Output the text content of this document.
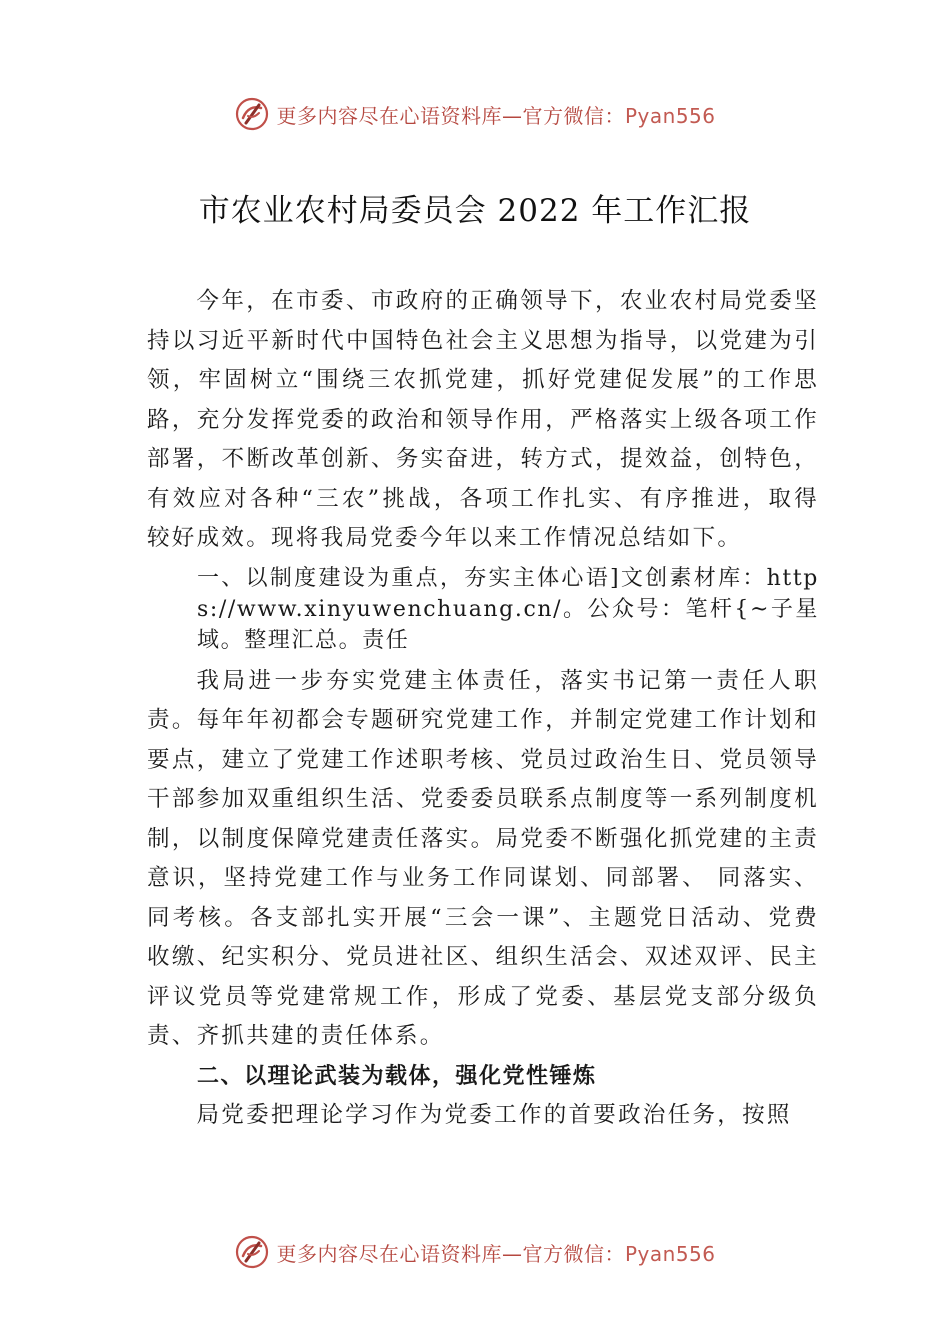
更多内容尽在心语资料库—官方微信：Pyan556
市农业农村局委员会 2022 年工作汇报

今年，在市委、市政府的正确领导下，农业农村局党委坚持以习近平新时代中国特色社会主义思想为指导，以党建为引领，牢固树立“围绕三农抓党建，抓好党建促发展”的工作思路，充分发挥党委的政治和领导作用，严格落实上级各项工作部署，不断改革创新、务实奋进，转方式，提效益，创特色，有效应对各种“三农”挑战，各项工作扎实、有序推进，取得较好成效。现将我局党委今年以来工作情况总结如下。

一、以制度建设为重点，夯实主体心语]文创素材库：https://www.xinyuwenchuang.cn/。公众号：笔杆{~子星域。整理汇总。责任

我局进一步夯实党建主体责任，落实书记第一责任人职责。每年年初都会专题研究党建工作，并制定党建工作计划和要点，建立了党建工作述职考核、党员过政治生日、党员领导干部参加双重组织生活、党委委员联系点制度等一系列制度机制，以制度保障党建责任落实。局党委不断强化抓党建的主责意识，坚持党建工作与业务工作同谋划、同部署、 同落实、同考核。各支部扎实开展“三会一课”、主题党日活动、党费收缴、纪实积分、党员进社区、组织生活会、双述双评、民主评议党员等党建常规工作，形成了党委、基层党支部分级负责、齐抓共建的责任体系。

二、以理论武装为载体，强化党性锤炼

局党委把理论学习作为党委工作的首要政治任务，按照

更多内容尽在心语资料库—官方微信：Pyan556
